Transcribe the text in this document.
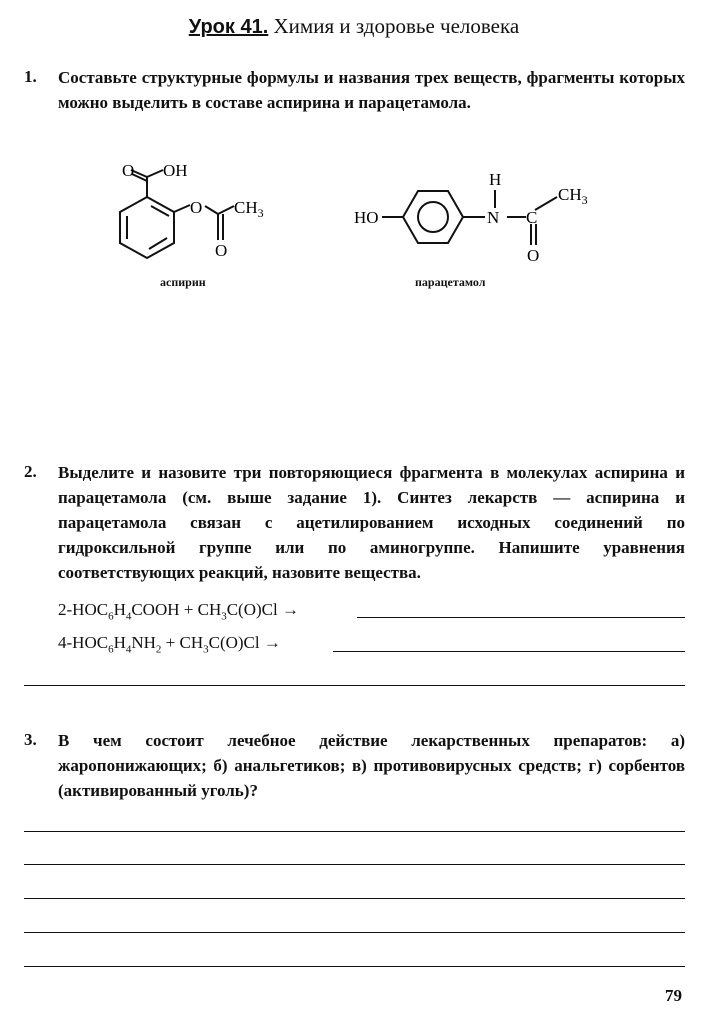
Урок 41. Химия и здоровье человека
1. Составьте структурные формулы и названия трех веществ, фрагменты которых можно выделить в составе аспирина и парацетамола.
O OH
O $CH_3$
O
аспирин
HO
H
N C
$CH_3$
O
парацетамол
2. Выделите и назовите три повторяющиеся фрагмента в молекулах аспирина и парацетамола (см. выше задание 1). Синтез лекарств — аспирина и парацетамола связан с ацетилированием исходных соединений по гидроксильной группе или по аминогруппе. Напишите уравнения соответствующих реакций, назовите вещества.
$2-HOC_6H_4COOH + CH_3C(O)Cl$ →
$4-HOC_6H_4NH_2 + CH_3C(O)Cl$ →
3. В чем состоит лечебное действие лекарственных препаратов: а) жаропонижающих; б) анальгетиков; в) противовирусных средств; г) сорбентов (активированный уголь)?
79
